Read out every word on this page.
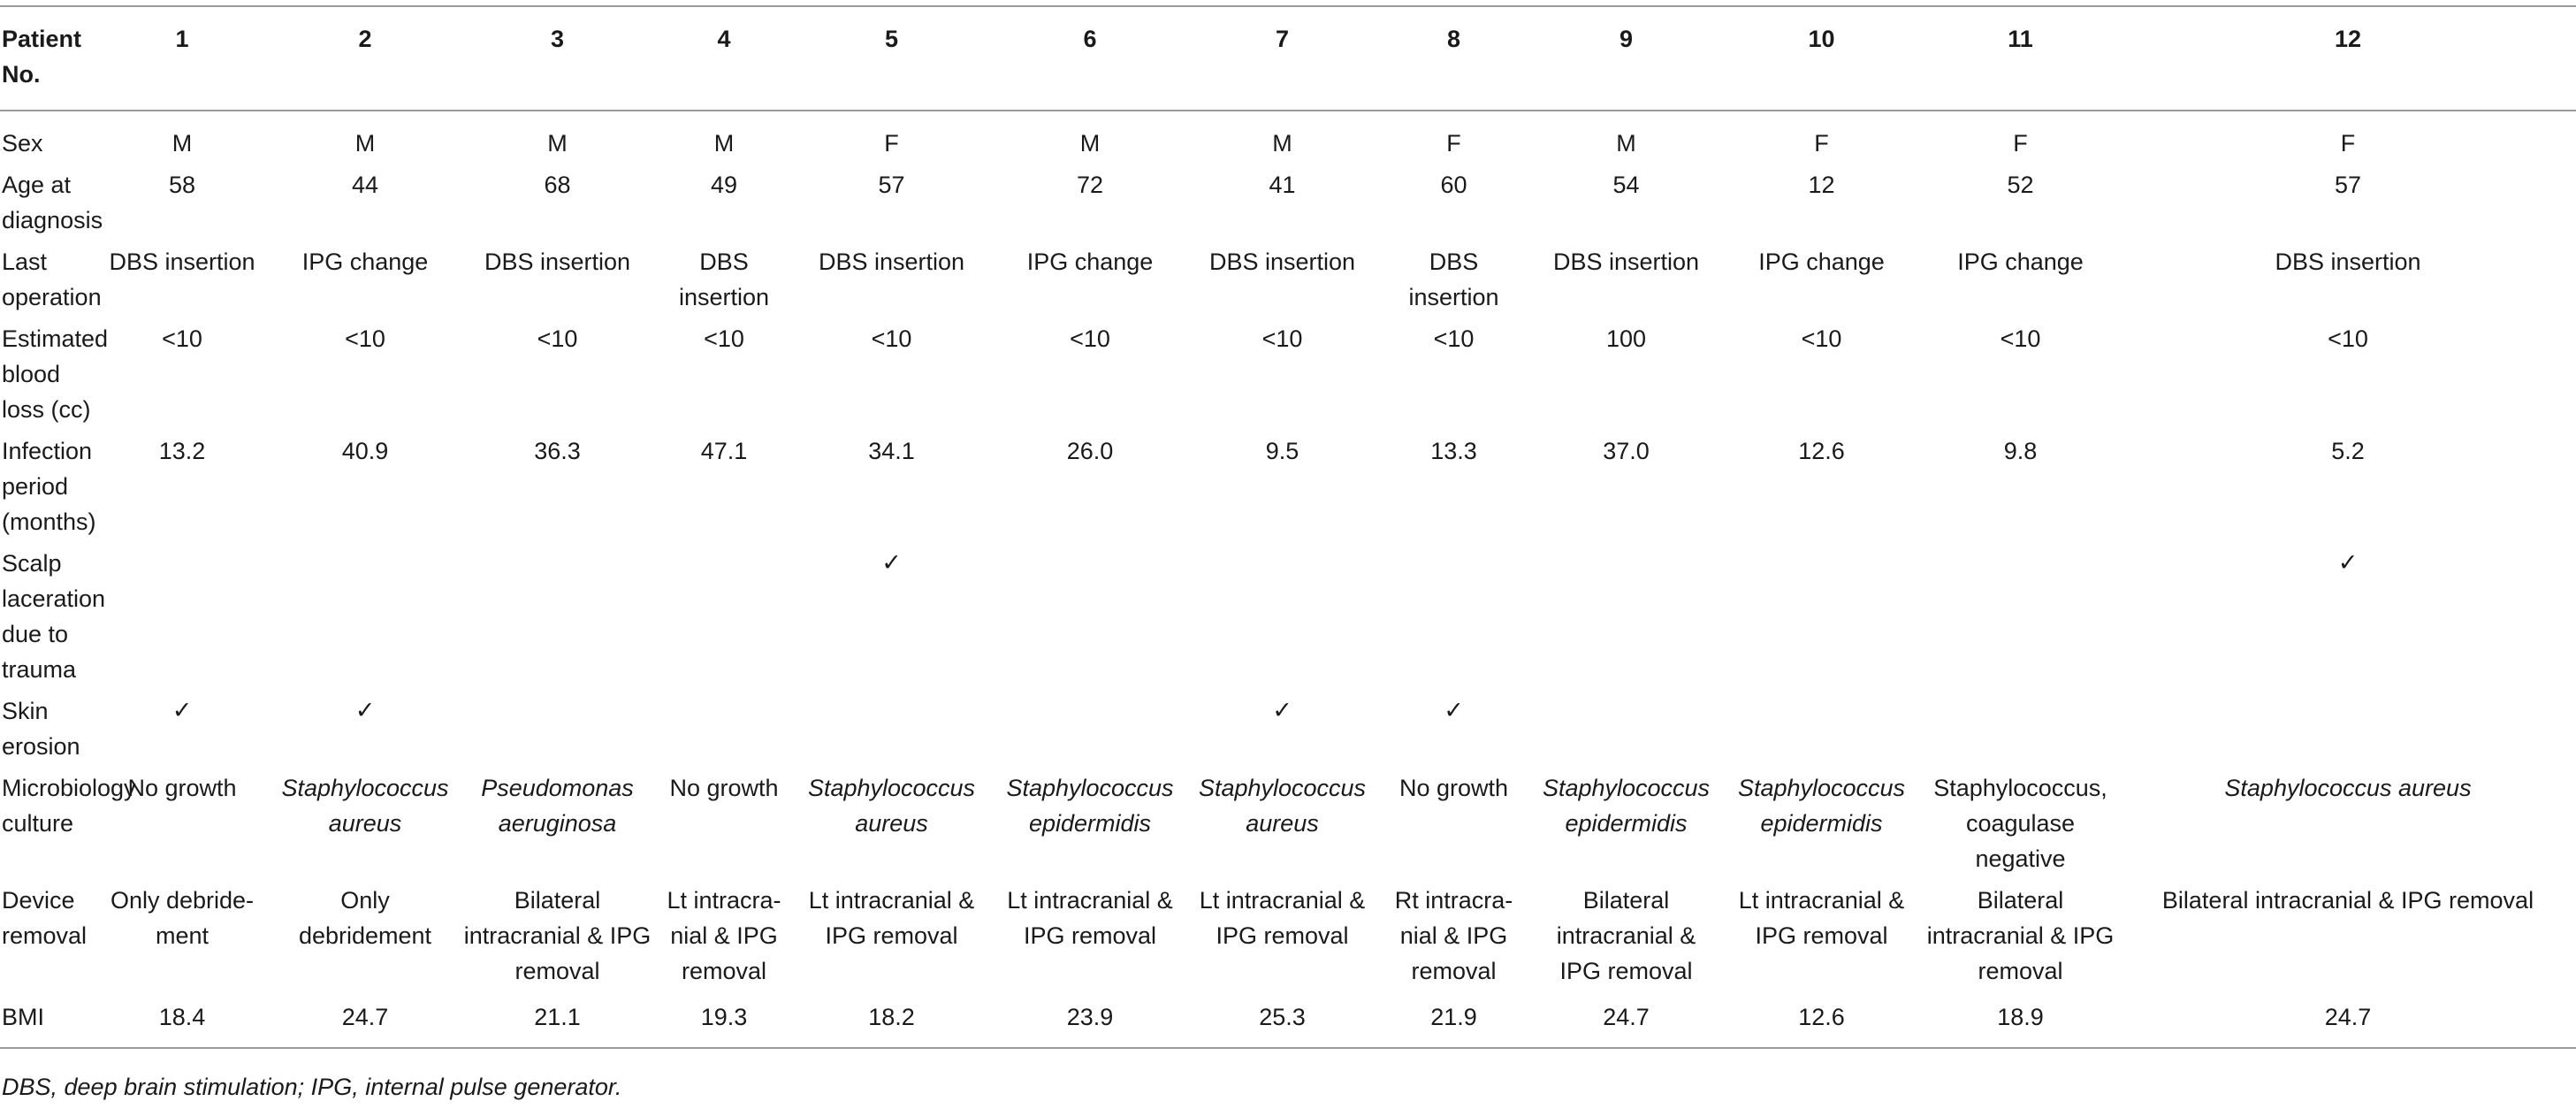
Patient No.	1	2	3	4	5	6	7	8	9	10	11	12
Sex	M	M	M	M	F	M	M	F	M	F	F	F
Age at diagnosis	58	44	68	49	57	72	41	60	54	12	52	57
Last operation	DBS insertion	IPG change	DBS insertion	DBS insertion	DBS insertion	IPG change	DBS insertion	DBS insertion	DBS insertion	IPG change	IPG change	DBS insertion
Estimated blood loss (cc)	<10	<10	<10	<10	<10	<10	<10	<10	100	<10	<10	<10
Infection period (months)	13.2	40.9	36.3	47.1	34.1	26.0	9.5	13.3	37.0	12.6	9.8	5.2
Scalp laceration due to trauma					✓							✓
Skin erosion	✓	✓					✓	✓				
Microbiology culture	No growth	Staphylococcus aureus	Pseudomonas aeruginosa	No growth	Staphylococcus aureus	Staphylococcus epidermidis	Staphylococcus aureus	No growth	Staphylococcus epidermidis	Staphylococcus epidermidis	Staphylococcus, coagulase negative	Staphylococcus aureus
Device removal	Only debride-ment	Only debridement	Bilateral intracranial & IPG removal	Lt intracra-nial & IPG removal	Lt intracranial & IPG removal	Lt intracranial & IPG removal	Lt intracranial & IPG removal	Rt intracra-nial & IPG removal	Bilateral intracranial & IPG removal	Lt intracranial & IPG removal	Bilateral intracranial & IPG removal	Bilateral intracranial & IPG removal
BMI	18.4	24.7	21.1	19.3	18.2	23.9	25.3	21.9	24.7	12.6	18.9	24.7
DBS, deep brain stimulation; IPG, internal pulse generator.
